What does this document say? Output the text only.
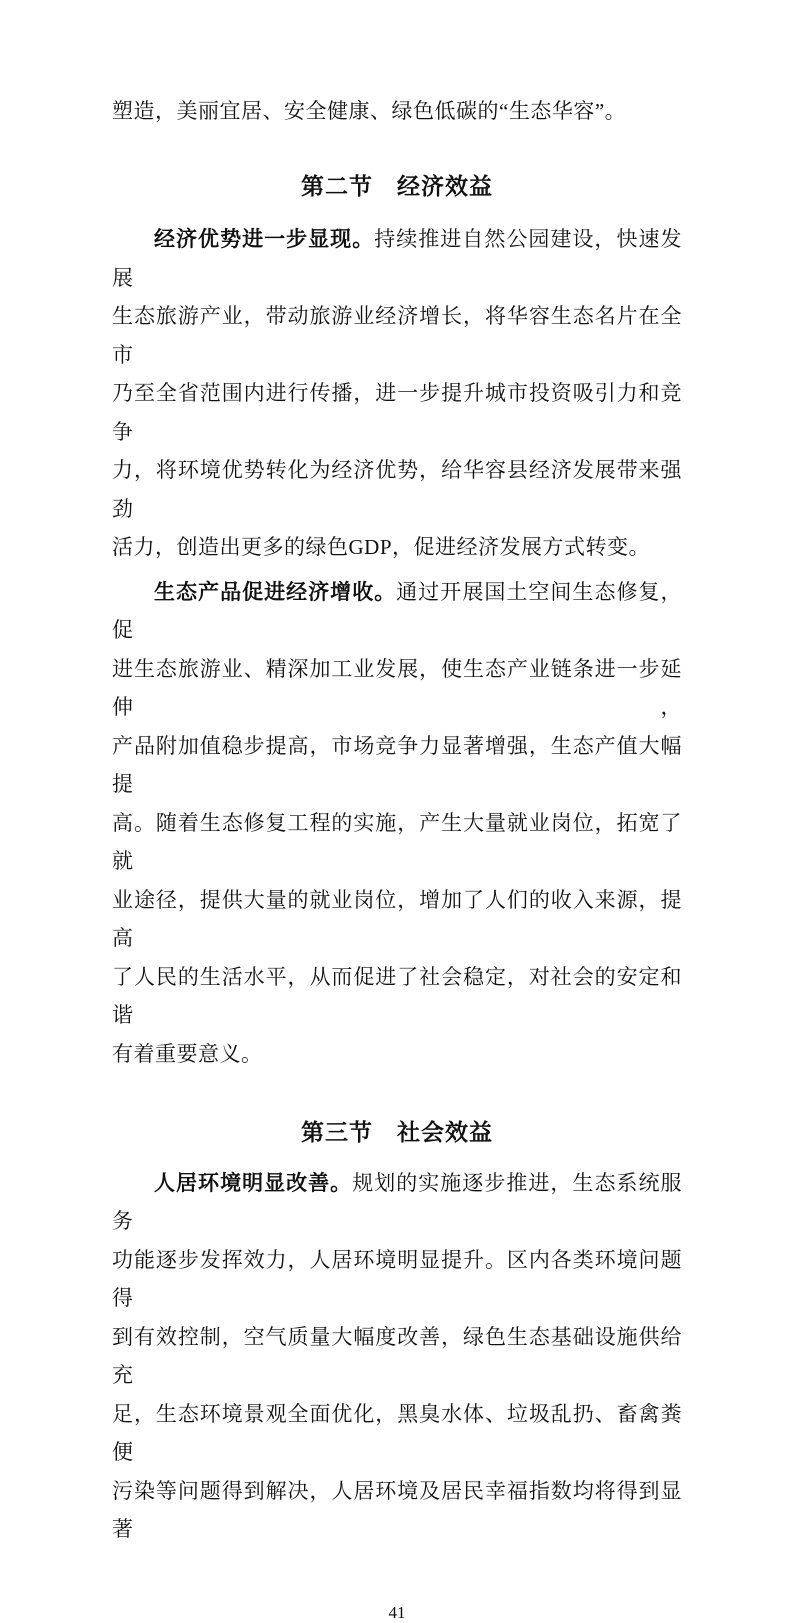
塑造，美丽宜居、安全健康、绿色低碳的“生态华容”。
第二节　经济效益
经济优势进一步显现。持续推进自然公园建设，快速发展
生态旅游产业，带动旅游业经济增长，将华容生态名片在全市
乃至全省范围内进行传播，进一步提升城市投资吸引力和竞争
力，将环境优势转化为经济优势，给华容县经济发展带来强劲
活力，创造出更多的绿色GDP，促进经济发展方式转变。
生态产品促进经济增收。通过开展国土空间生态修复，促
进生态旅游业、精深加工业发展，使生态产业链条进一步延伸，
产品附加值稳步提高，市场竞争力显著增强，生态产值大幅提
高。随着生态修复工程的实施，产生大量就业岗位，拓宽了就
业途径，提供大量的就业岗位，增加了人们的收入来源，提高
了人民的生活水平，从而促进了社会稳定，对社会的安定和谐
有着重要意义。
第三节　社会效益
人居环境明显改善。规划的实施逐步推进，生态系统服务
功能逐步发挥效力，人居环境明显提升。区内各类环境问题得
到有效控制，空气质量大幅度改善，绿色生态基础设施供给充
足，生态环境景观全面优化，黑臭水体、垃圾乱扔、畜禽粪便
污染等问题得到解决，人居环境及居民幸福指数均将得到显著
41
